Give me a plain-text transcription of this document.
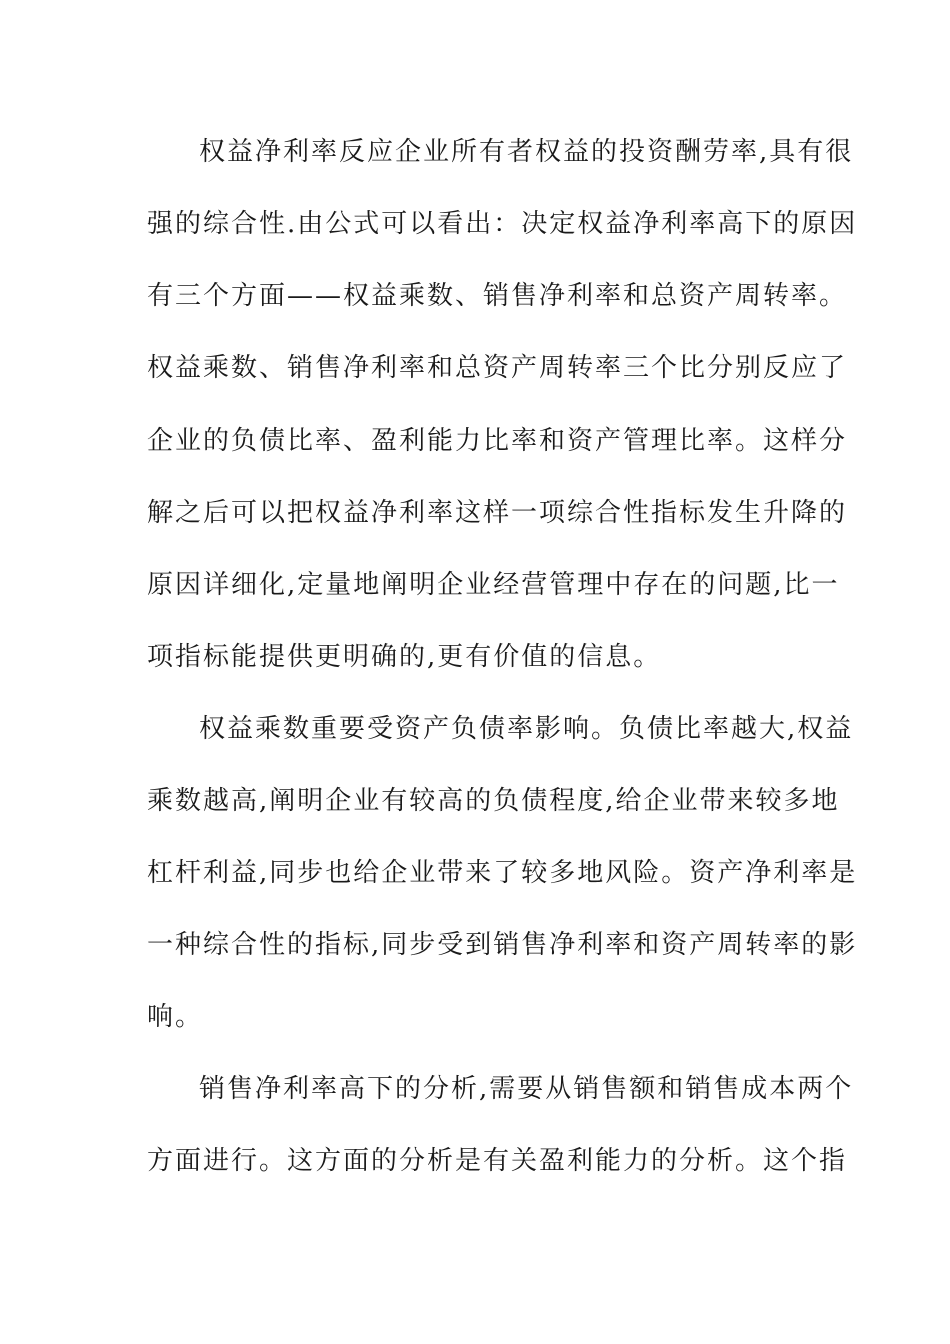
权益净利率反应企业所有者权益的投资酬劳率,具有很
强的综合性.由公式可以看出：决定权益净利率高下的原因
有三个方面——权益乘数、销售净利率和总资产周转率。
权益乘数、销售净利率和总资产周转率三个比分别反应了
企业的负债比率、盈利能力比率和资产管理比率。这样分
解之后可以把权益净利率这样一项综合性指标发生升降的
原因详细化,定量地阐明企业经营管理中存在的问题,比一
项指标能提供更明确的,更有价值的信息。
权益乘数重要受资产负债率影响。负债比率越大,权益
乘数越高,阐明企业有较高的负债程度,给企业带来较多地
杠杆利益,同步也给企业带来了较多地风险。资产净利率是
一种综合性的指标,同步受到销售净利率和资产周转率的影
响。
销售净利率高下的分析,需要从销售额和销售成本两个
方面进行。这方面的分析是有关盈利能力的分析。这个指
